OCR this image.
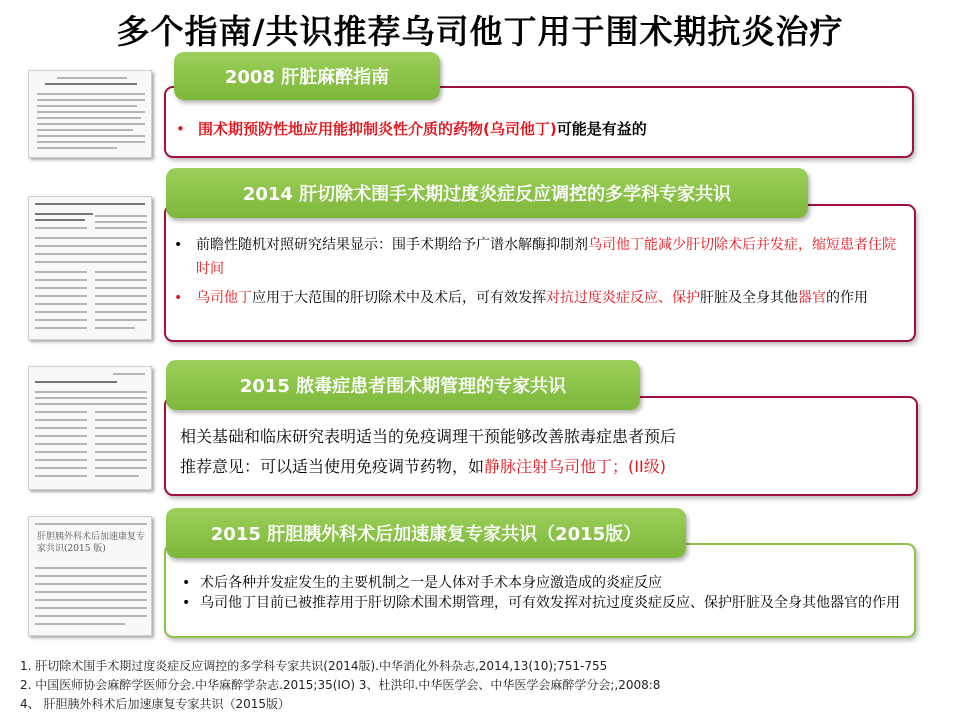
多个指南/共识推荐乌司他丁用于围术期抗炎治疗
肝胆胰外科术后加速康复专家共识(2015 版)
2008 肝脏麻醉指南
• 围术期预防性地应用能抑制炎性介质的药物(乌司他丁)可能是有益的
2014 肝切除术围手术期过度炎症反应调控的多学科专家共识
• 前瞻性随机对照研究结果显示：围手术期给予广谱水解酶抑制剂乌司他丁能减少肝切除术后并发症，缩短患者住院时间
• 乌司他丁应用于大范围的肝切除术中及术后，可有效发挥对抗过度炎症反应、保护肝脏及全身其他器官的作用
2015 脓毒症患者围术期管理的专家共识
相关基础和临床研究表明适当的免疫调理干预能够改善脓毒症患者预后
推荐意见：可以适当使用免疫调节药物，如静脉注射乌司他丁；(II级)
2015 肝胆胰外科术后加速康复专家共识（2015版）
• 术后各种并发症发生的主要机制之一是人体对手术本身应激造成的炎症反应
• 乌司他丁目前已被推荐用于肝切除术围术期管理，可有效发挥对抗过度炎症反应、保护肝脏及全身其他器官的作用
1. 肝切除术围手术期过度炎症反应调控的多学科专家共识(2014版).中华消化外科杂志,2014,13(10);751-755
2. 中国医师协会麻醉学医师分会.中华麻醉学杂志.2015;35(IO) 3、杜洪印.中华医学会、中华医学会麻醉学分会;,2008:8
4、 肝胆胰外科术后加速康复专家共识（2015版）
